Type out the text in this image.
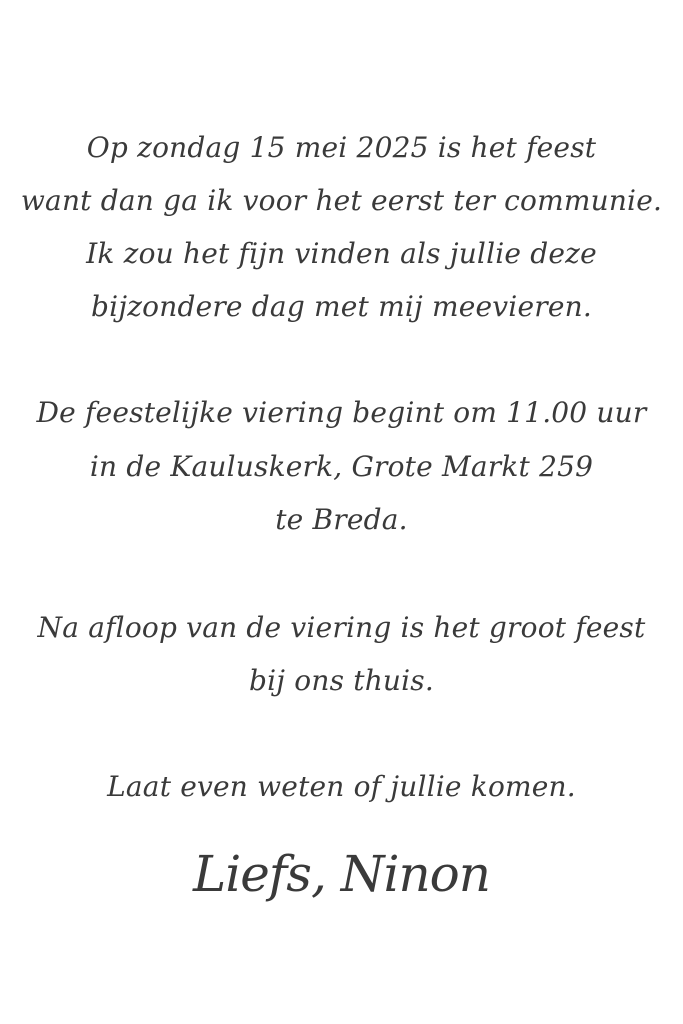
Op zondag 15 mei 2025 is het feest
want dan ga ik voor het eerst ter communie.
Ik zou het fijn vinden als jullie deze
bijzondere dag met mij meevieren.
De feestelijke viering begint om 11.00 uur
in de Kauluskerk, Grote Markt 259
te Breda.
Na afloop van de viering is het groot feest
bij ons thuis.
Laat even weten of jullie komen.
Liefs, Ninon
